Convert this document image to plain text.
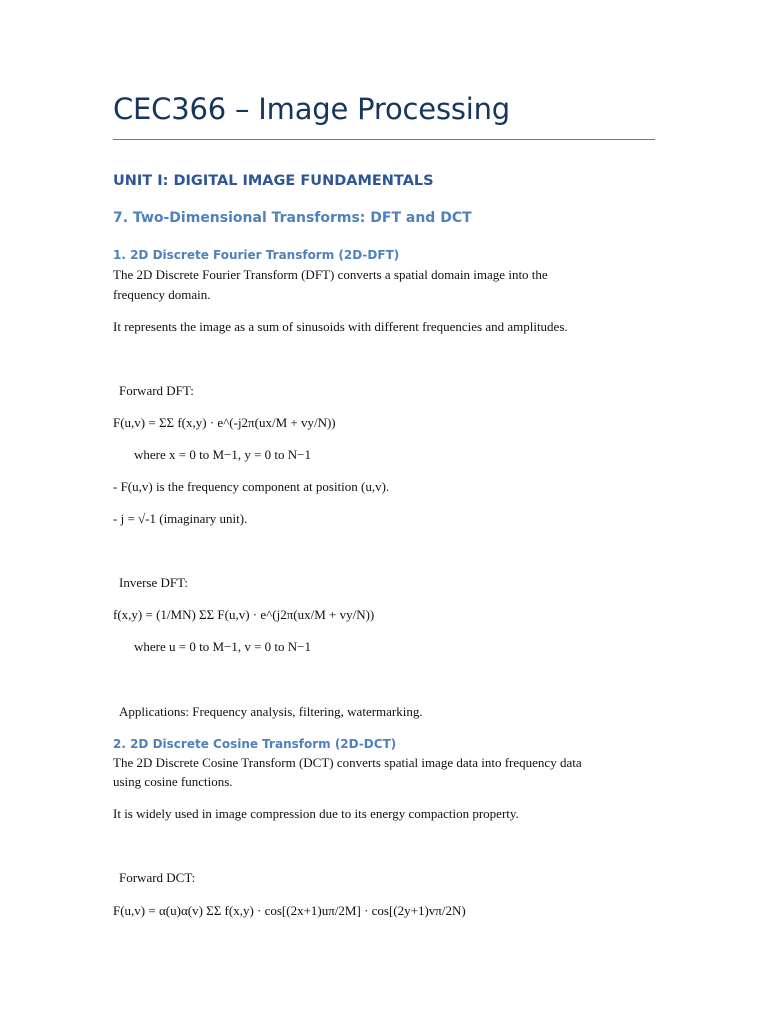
CEC366 – Image Processing
UNIT I: DIGITAL IMAGE FUNDAMENTALS
7. Two-Dimensional Transforms: DFT and DCT
1. 2D Discrete Fourier Transform (2D-DFT)

The 2D Discrete Fourier Transform (DFT) converts a spatial domain image into the

frequency domain.

It represents the image as a sum of sinusoids with different frequencies and amplitudes.

Forward DFT:

F(u,v) = ΣΣ f(x,y) · e^(-j2π(ux/M + vy/N))

where x = 0 to M−1, y = 0 to N−1

- F(u,v) is the frequency component at position (u,v).

- j = √-1 (imaginary unit).

Inverse DFT:

f(x,y) = (1/MN) ΣΣ F(u,v) · e^(j2π(ux/M + vy/N))

where u = 0 to M−1, v = 0 to N−1

Applications: Frequency analysis, filtering, watermarking.

2. 2D Discrete Cosine Transform (2D-DCT)

The 2D Discrete Cosine Transform (DCT) converts spatial image data into frequency data

using cosine functions.

It is widely used in image compression due to its energy compaction property.

Forward DCT:

F(u,v) = α(u)α(v) ΣΣ f(x,y) · cos[(2x+1)uπ/2M] · cos[(2y+1)vπ/2N)
